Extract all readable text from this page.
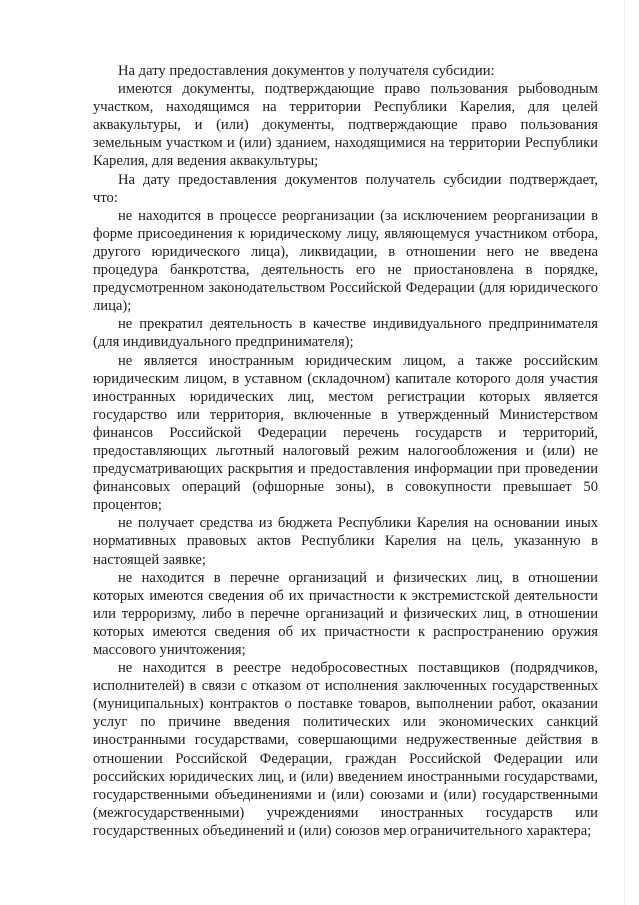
На дату предоставления документов у получателя субсидии:

имеются документы, подтверждающие право пользования рыбоводным участком, находящимся на территории Республики Карелия, для целей аквакультуры, и (или) документы, подтверждающие право пользования земельным участком и (или) зданием, находящимися на территории Республики Карелия, для ведения аквакультуры;

На дату предоставления документов получатель субсидии подтверждает, что:

не находится в процессе реорганизации (за исключением реорганизации в форме присоединения к юридическому лицу, являющемуся участником отбора, другого юридического лица), ликвидации, в отношении него не введена процедура банкротства, деятельность его не приостановлена в порядке, предусмотренном законодательством Российской Федерации (для юридического лица);

не прекратил деятельность в качестве индивидуального предпринимателя (для индивидуального предпринимателя);

не является иностранным юридическим лицом, а также российским юридическим лицом, в уставном (складочном) капитале которого доля участия иностранных юридических лиц, местом регистрации которых является государство или территория, включенные в утвержденный Министерством финансов Российской Федерации перечень государств и территорий, предоставляющих льготный налоговый режим налогообложения и (или) не предусматривающих раскрытия и предоставления информации при проведении финансовых операций (офшорные зоны), в совокупности превышает 50 процентов;

не получает средства из бюджета Республики Карелия на основании иных нормативных правовых актов Республики Карелия на цель, указанную в настоящей заявке;

не находится в перечне организаций и физических лиц, в отношении которых имеются сведения об их причастности к экстремистской деятельности или терроризму, либо в перечне организаций и физических лиц, в отношении которых имеются сведения об их причастности к распространению оружия массового уничтожения;

не находится в реестре недобросовестных поставщиков (подрядчиков, исполнителей) в связи с отказом от исполнения заключенных государственных (муниципальных) контрактов о поставке товаров, выполнении работ, оказании услуг по причине введения политических или экономических санкций иностранными государствами, совершающими недружественные действия в отношении Российской Федерации, граждан Российской Федерации или российских юридических лиц, и (или) введением иностранными государствами, государственными объединениями и (или) союзами и (или) государственными (межгосударственными) учреждениями иностранных государств или государственных объединений и (или) союзов мер ограничительного характера;
